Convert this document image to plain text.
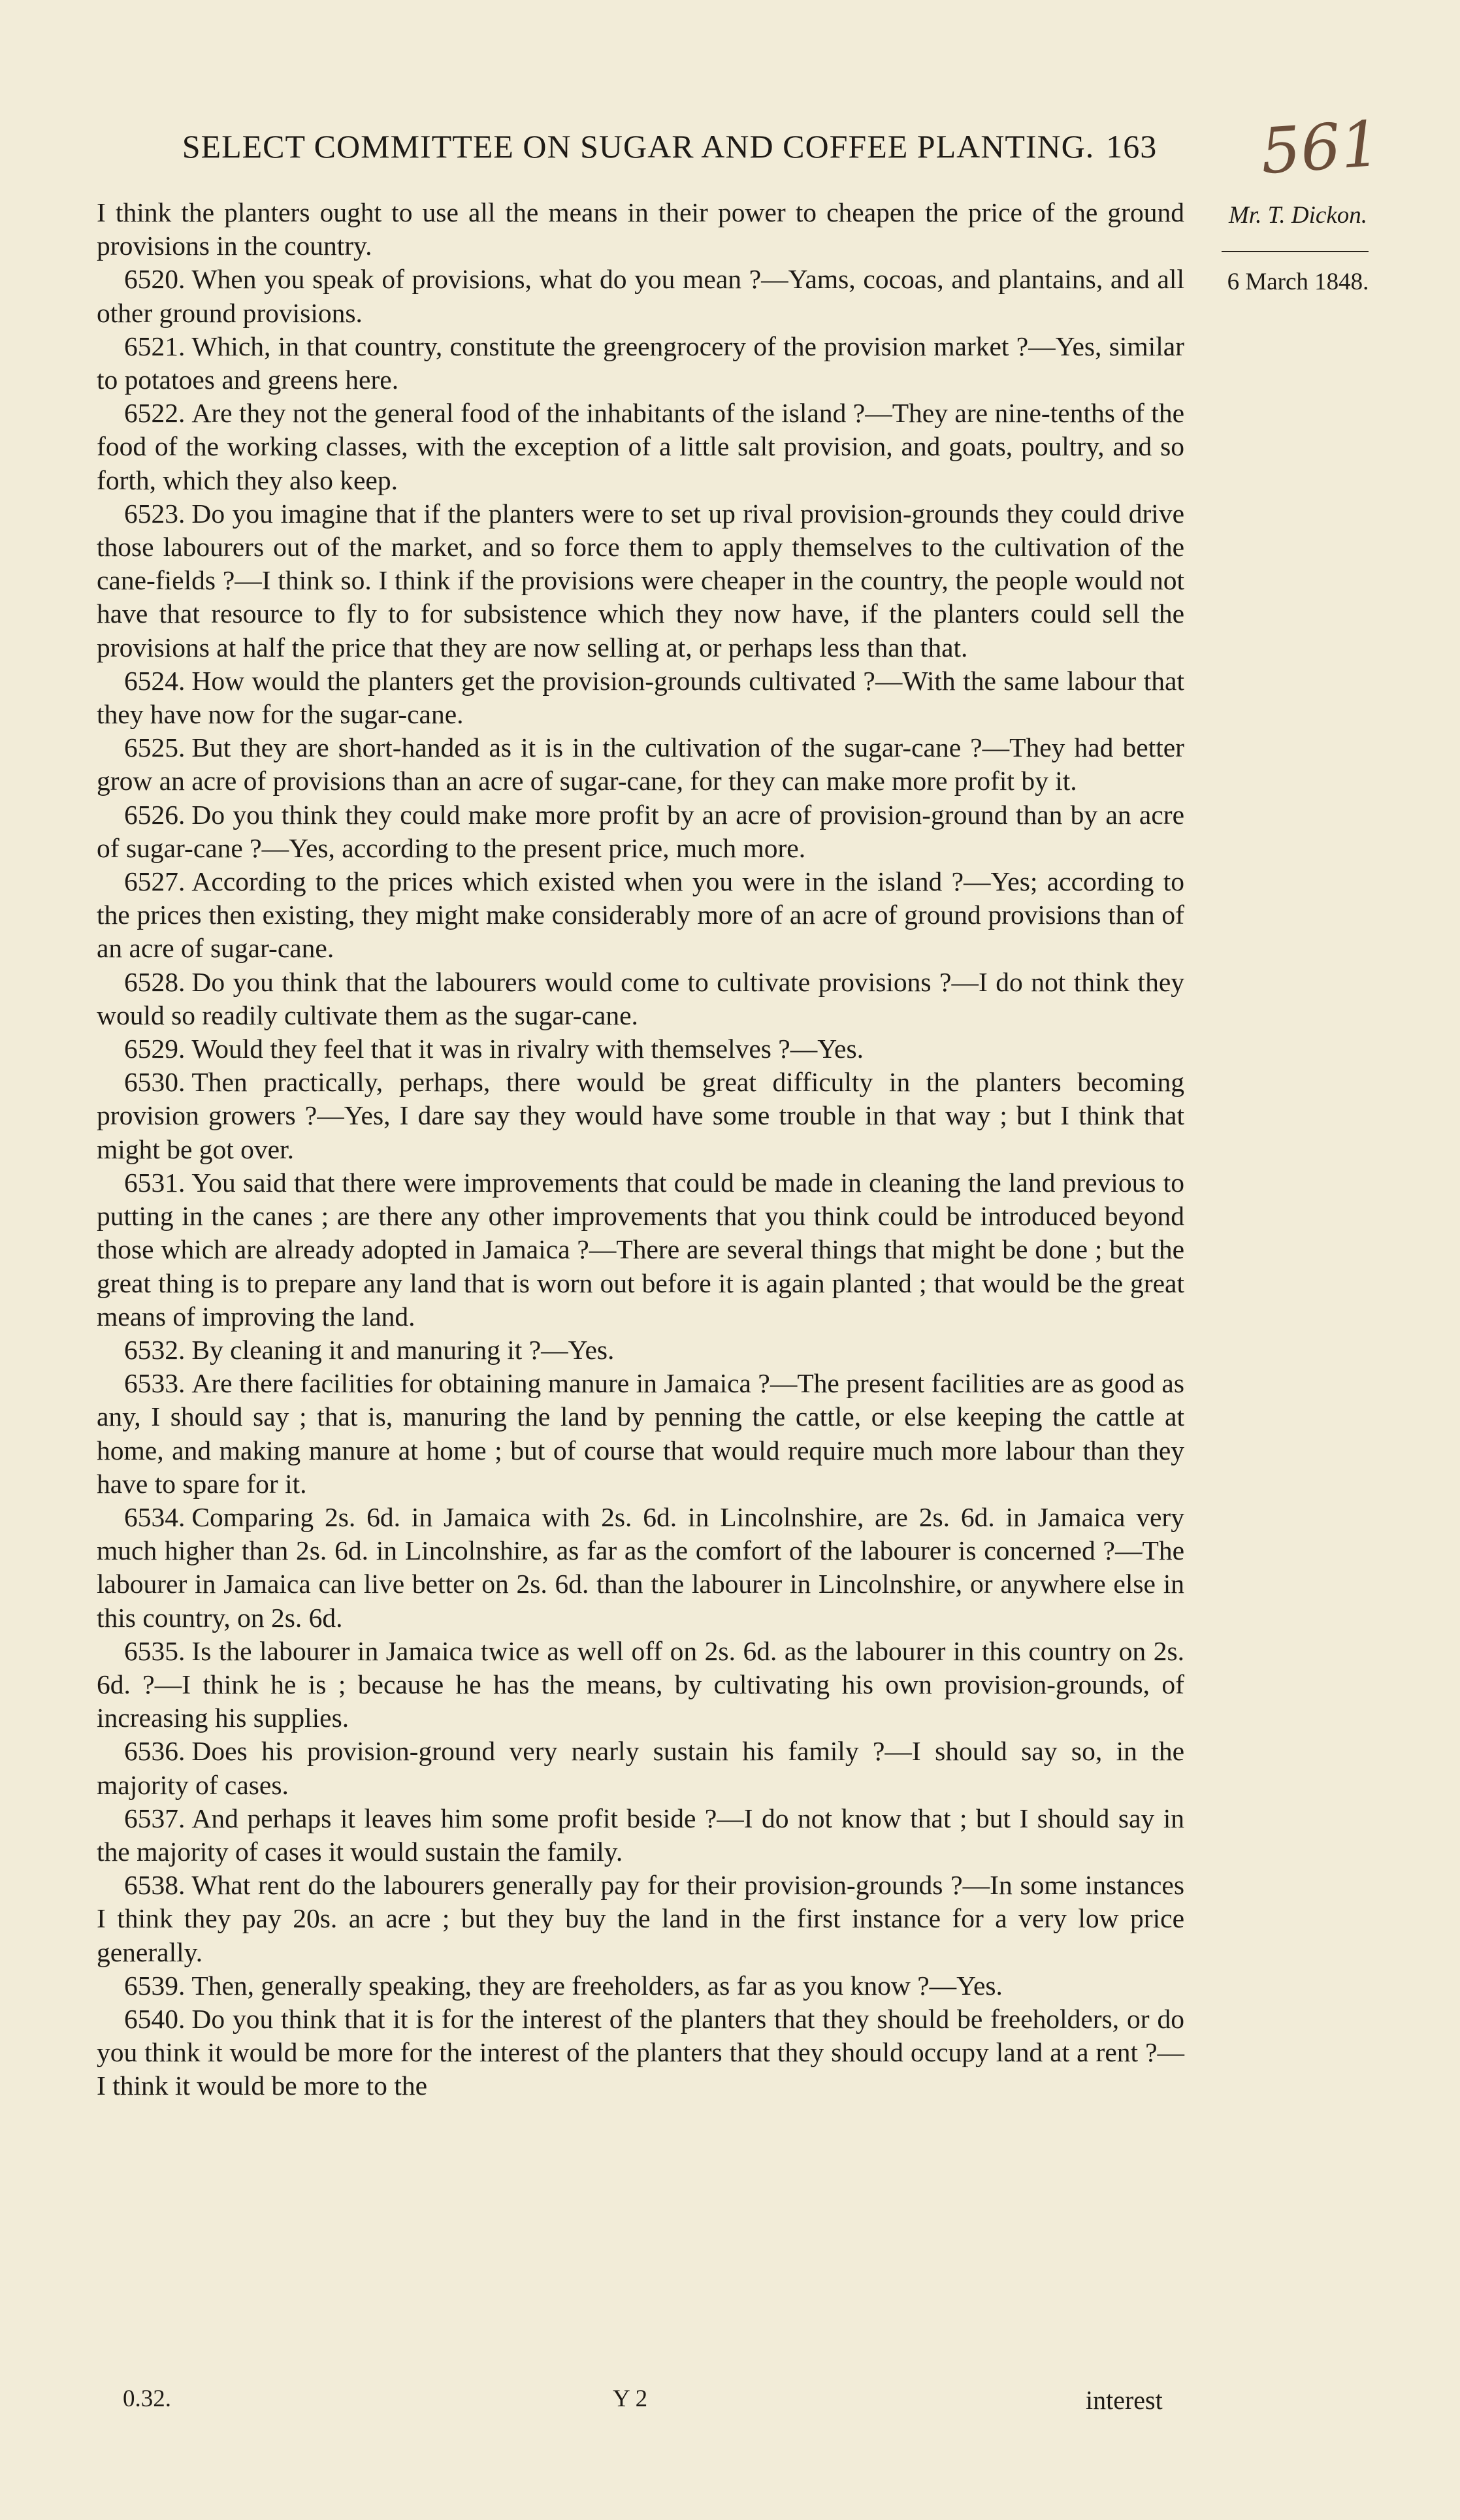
SELECT COMMITTEE ON SUGAR AND COFFEE PLANTING. 163	561
Mr. T. Dickon.
6 March 1848.

I think the planters ought to use all the means in their power to cheapen the price of the ground provisions in the country.

6520. When you speak of provisions, what do you mean ?—Yams, cocoas, and plantains, and all other ground provisions.

6521. Which, in that country, constitute the greengrocery of the provision market ?—Yes, similar to potatoes and greens here.

6522. Are they not the general food of the inhabitants of the island ?—They are nine-tenths of the food of the working classes, with the exception of a little salt provision, and goats, poultry, and so forth, which they also keep.

6523. Do you imagine that if the planters were to set up rival provision-grounds they could drive those labourers out of the market, and so force them to apply themselves to the cultivation of the cane-fields ?—I think so. I think if the provisions were cheaper in the country, the people would not have that resource to fly to for subsistence which they now have, if the planters could sell the provisions at half the price that they are now selling at, or perhaps less than that.

6524. How would the planters get the provision-grounds cultivated ?—With the same labour that they have now for the sugar-cane.

6525. But they are short-handed as it is in the cultivation of the sugar-cane ?—They had better grow an acre of provisions than an acre of sugar-cane, for they can make more profit by it.

6526. Do you think they could make more profit by an acre of provision-ground than by an acre of sugar-cane ?—Yes, according to the present price, much more.

6527. According to the prices which existed when you were in the island ?—Yes; according to the prices then existing, they might make considerably more of an acre of ground provisions than of an acre of sugar-cane.

6528. Do you think that the labourers would come to cultivate provisions ?—I do not think they would so readily cultivate them as the sugar-cane.

6529. Would they feel that it was in rivalry with themselves ?—Yes.

6530. Then practically, perhaps, there would be great difficulty in the planters becoming provision growers ?—Yes, I dare say they would have some trouble in that way ; but I think that might be got over.

6531. You said that there were improvements that could be made in cleaning the land previous to putting in the canes ; are there any other improvements that you think could be introduced beyond those which are already adopted in Jamaica ?—There are several things that might be done ; but the great thing is to prepare any land that is worn out before it is again planted ; that would be the great means of improving the land.

6532. By cleaning it and manuring it ?—Yes.

6533. Are there facilities for obtaining manure in Jamaica ?—The present facilities are as good as any, I should say ; that is, manuring the land by penning the cattle, or else keeping the cattle at home, and making manure at home ; but of course that would require much more labour than they have to spare for it.

6534. Comparing 2s. 6d. in Jamaica with 2s. 6d. in Lincolnshire, are 2s. 6d. in Jamaica very much higher than 2s. 6d. in Lincolnshire, as far as the comfort of the labourer is concerned ?—The labourer in Jamaica can live better on 2s. 6d. than the labourer in Lincolnshire, or anywhere else in this country, on 2s. 6d.

6535. Is the labourer in Jamaica twice as well off on 2s. 6d. as the labourer in this country on 2s. 6d. ?—I think he is ; because he has the means, by cultivating his own provision-grounds, of increasing his supplies.

6536. Does his provision-ground very nearly sustain his family ?—I should say so, in the majority of cases.

6537. And perhaps it leaves him some profit beside ?—I do not know that ; but I should say in the majority of cases it would sustain the family.

6538. What rent do the labourers generally pay for their provision-grounds ?—In some instances I think they pay 20s. an acre ; but they buy the land in the first instance for a very low price generally.

6539. Then, generally speaking, they are freeholders, as far as you know ?—Yes.

6540. Do you think that it is for the interest of the planters that they should be freeholders, or do you think it would be more for the interest of the planters that they should occupy land at a rent ?—I think it would be more to the

0.32.	Y 2	interest
